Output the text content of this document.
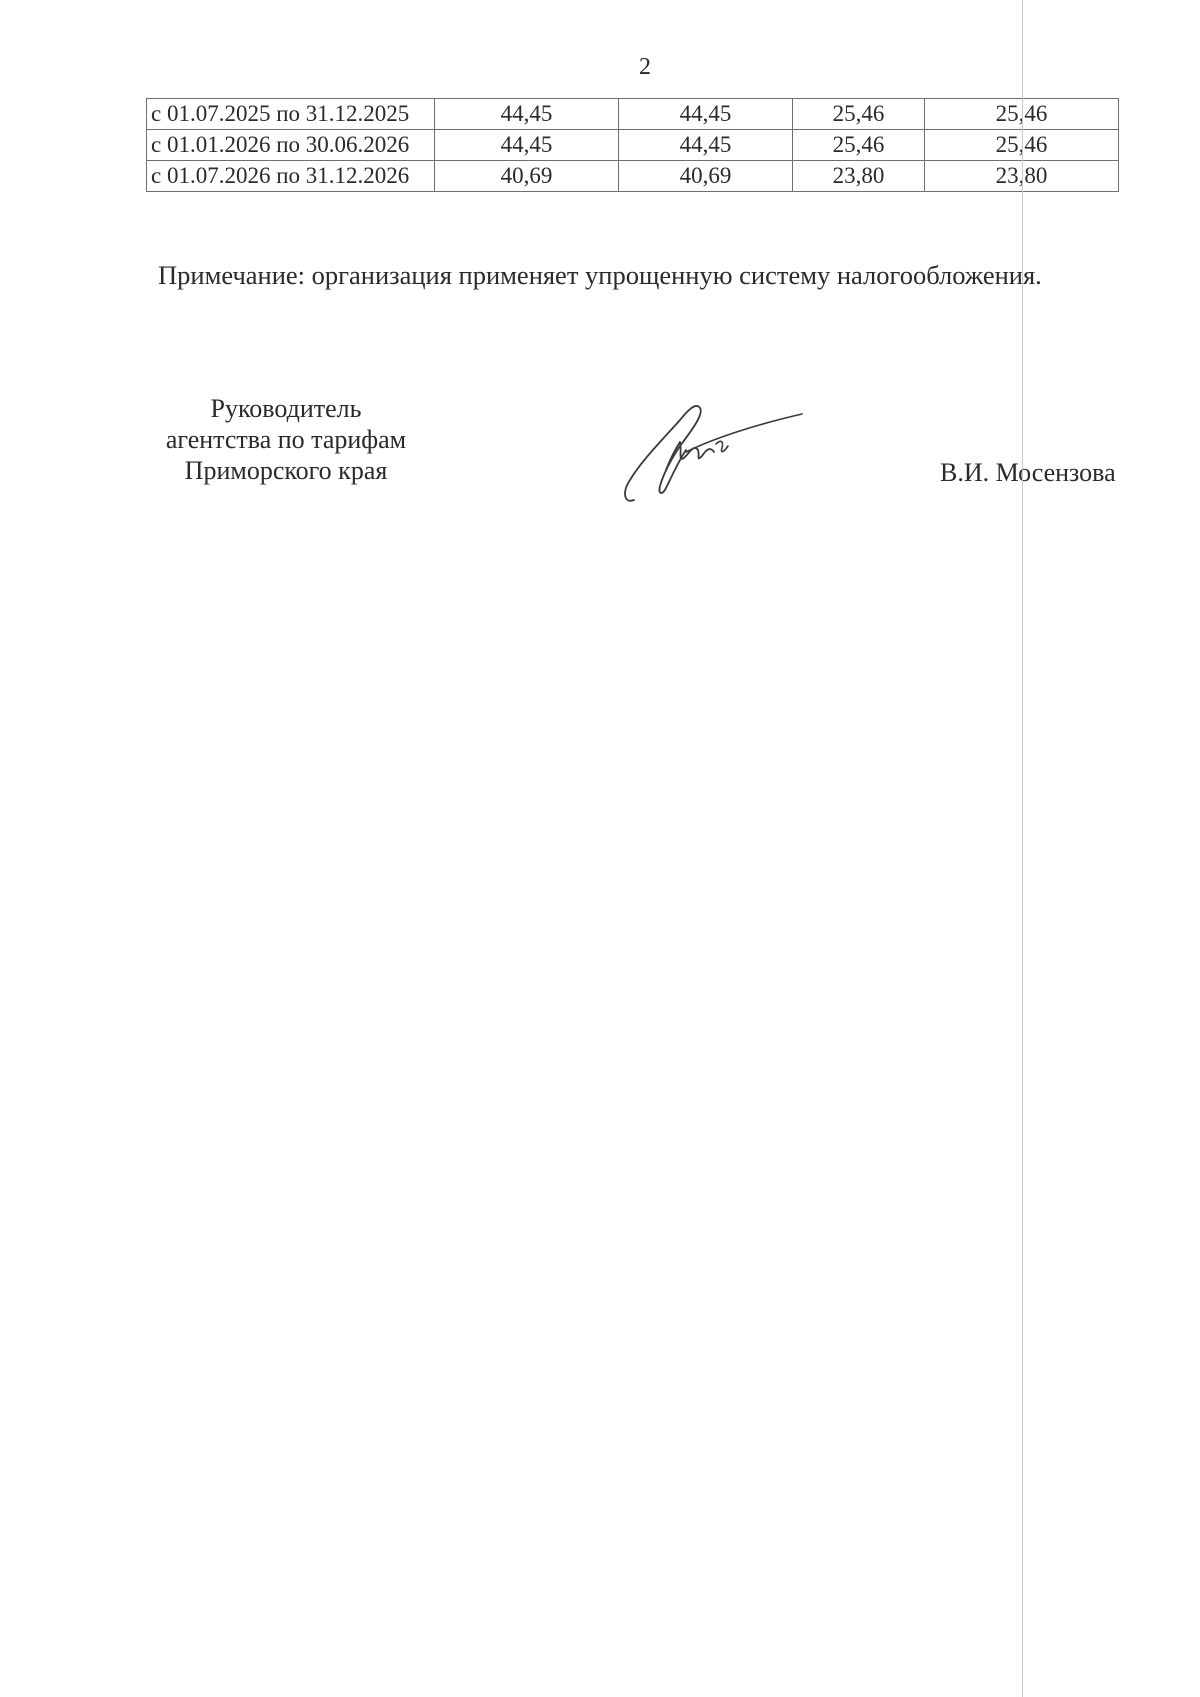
2
с 01.07.2025 по 31.12.2025	44,45	44,45	25,46	25,46
с 01.01.2026 по 30.06.2026	44,45	44,45	25,46	25,46
с 01.07.2026 по 31.12.2026	40,69	40,69	23,80	23,80
Примечание: организация применяет упрощенную систему налогообложения.
Руководитель
агентства по тарифам
Приморского края	В.И. Мосензова
